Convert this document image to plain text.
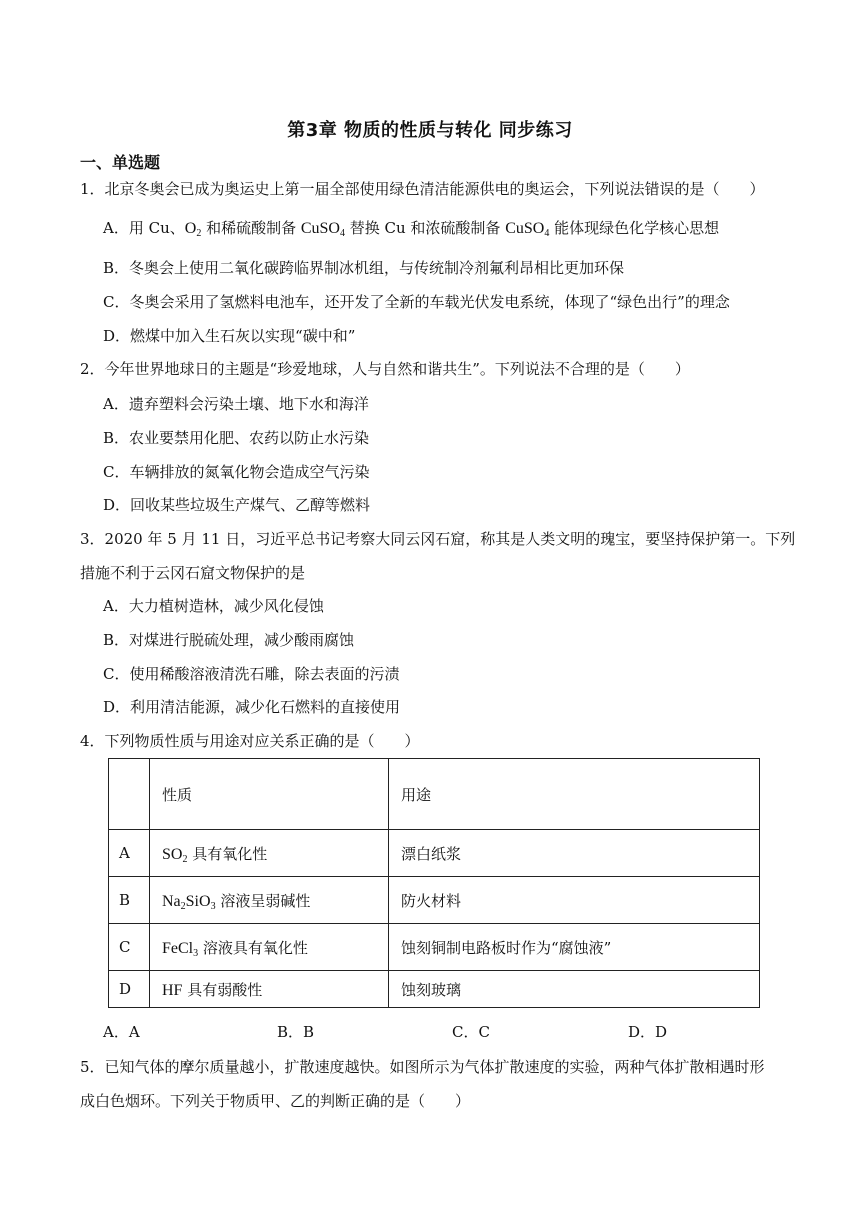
第3章 物质的性质与转化 同步练习
一、单选题
1．北京冬奥会已成为奥运史上第一届全部使用绿色清洁能源供电的奥运会，下列说法错误的是（　　）
A．用 Cu、$O_2$ 和稀硫酸制备 CuSO$_4$ 替换 Cu 和浓硫酸制备 CuSO$_4$ 能体现绿色化学核心思想
B．冬奥会上使用二氧化碳跨临界制冰机组，与传统制冷剂氟利昂相比更加环保
C．冬奥会采用了氢燃料电池车，还开发了全新的车载光伏发电系统，体现了“绿色出行”的理念
D．燃煤中加入生石灰以实现“碳中和”
2．今年世界地球日的主题是“珍爱地球，人与自然和谐共生”。下列说法不合理的是（　　）
A．遗弃塑料会污染土壤、地下水和海洋
B．农业要禁用化肥、农药以防止水污染
C．车辆排放的氮氧化物会造成空气污染
D．回收某些垃圾生产煤气、乙醇等燃料
3．2020 年 5 月 11 日，习近平总书记考察大同云冈石窟，称其是人类文明的瑰宝，要坚持保护第一。下列
措施不利于云冈石窟文物保护的是
A．大力植树造林，减少风化侵蚀
B．对煤进行脱硫处理，减少酸雨腐蚀
C．使用稀酸溶液清洗石雕，除去表面的污渍
D．利用清洁能源，减少化石燃料的直接使用
4．下列物质性质与用途对应关系正确的是（　　）
	性质	用途
A	$SO_2$ 具有氧化性	漂白纸浆
B	$Na_2SiO_3$ 溶液呈弱碱性	防火材料
C	FeCl$_3$ 溶液具有氧化性	蚀刻铜制电路板时作为“腐蚀液”
D	HF 具有弱酸性	蚀刻玻璃
A．A	B．B	C．C	D．D
5．已知气体的摩尔质量越小，扩散速度越快。如图所示为气体扩散速度的实验，两种气体扩散相遇时形
成白色烟环。下列关于物质甲、乙的判断正确的是（　　）
